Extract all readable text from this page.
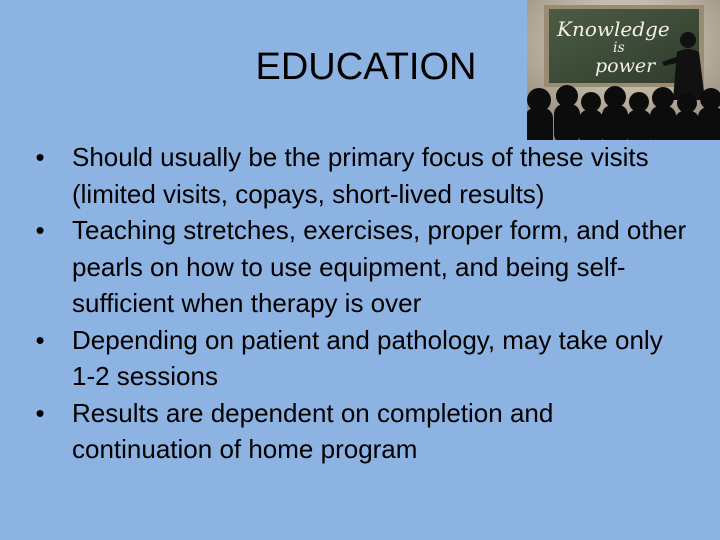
EDUCATION
• Should usually be the primary focus of these visits (limited visits, copays, short-lived results)
• Teaching stretches, exercises, proper form, and other pearls on how to use equipment, and being self-sufficient when therapy is over
• Depending on patient and pathology, may take only 1-2 sessions
• Results are dependent on completion and continuation of home program
Knowledge
is
power
